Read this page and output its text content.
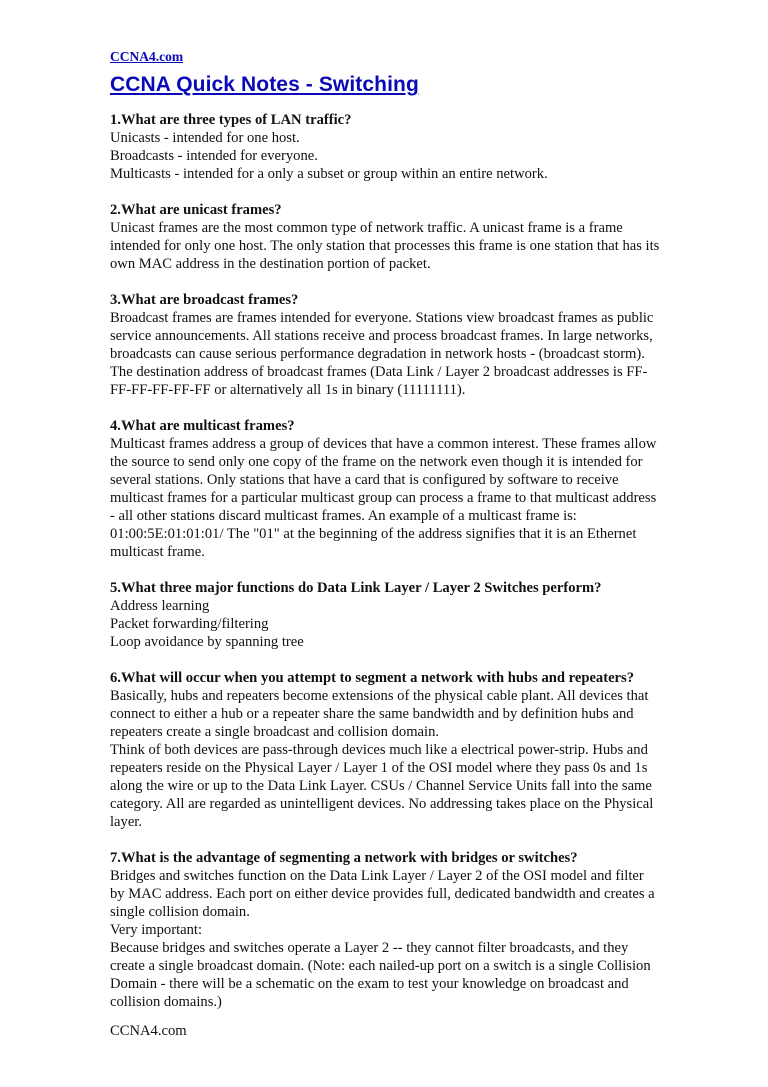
CCNA4.com
CCNA Quick Notes - Switching
1.What are three types of LAN traffic?
Unicasts - intended for one host.
Broadcasts - intended for everyone.
Multicasts - intended for a only a subset or group within an entire network.
2.What are unicast frames?
Unicast frames are the most common type of network traffic. A unicast frame is a frame
intended for only one host. The only station that processes this frame is one station that has its
own MAC address in the destination portion of packet.
3.What are broadcast frames?
Broadcast frames are frames intended for everyone. Stations view broadcast frames as public
service announcements. All stations receive and process broadcast frames. In large networks,
broadcasts can cause serious performance degradation in network hosts - (broadcast storm).
The destination address of broadcast frames (Data Link / Layer 2 broadcast addresses is FF-
FF-FF-FF-FF-FF or alternatively all 1s in binary (11111111).
4.What are multicast frames?
Multicast frames address a group of devices that have a common interest. These frames allow
the source to send only one copy of the frame on the network even though it is intended for
several stations. Only stations that have a card that is configured by software to receive
multicast frames for a particular multicast group can process a frame to that multicast address
- all other stations discard multicast frames. An example of a multicast frame is:
01:00:5E:01:01:01/ The "01" at the beginning of the address signifies that it is an Ethernet
multicast frame.
5.What three major functions do Data Link Layer / Layer 2 Switches perform?
Address learning
Packet forwarding/filtering
Loop avoidance by spanning tree
6.What will occur when you attempt to segment a network with hubs and repeaters?
Basically, hubs and repeaters become extensions of the physical cable plant. All devices that
connect to either a hub or a repeater share the same bandwidth and by definition hubs and
repeaters create a single broadcast and collision domain.
Think of both devices are pass-through devices much like a electrical power-strip. Hubs and
repeaters reside on the Physical Layer / Layer 1 of the OSI model where they pass 0s and 1s
along the wire or up to the Data Link Layer. CSUs / Channel Service Units fall into the same
category. All are regarded as unintelligent devices. No addressing takes place on the Physical
layer.
7.What is the advantage of segmenting a network with bridges or switches?
Bridges and switches function on the Data Link Layer / Layer 2 of the OSI model and filter
by MAC address. Each port on either device provides full, dedicated bandwidth and creates a
single collision domain.
Very important:
Because bridges and switches operate a Layer 2 -- they cannot filter broadcasts, and they
create a single broadcast domain. (Note: each nailed-up port on a switch is a single Collision
Domain - there will be a schematic on the exam to test your knowledge on broadcast and
collision domains.)
CCNA4.com
